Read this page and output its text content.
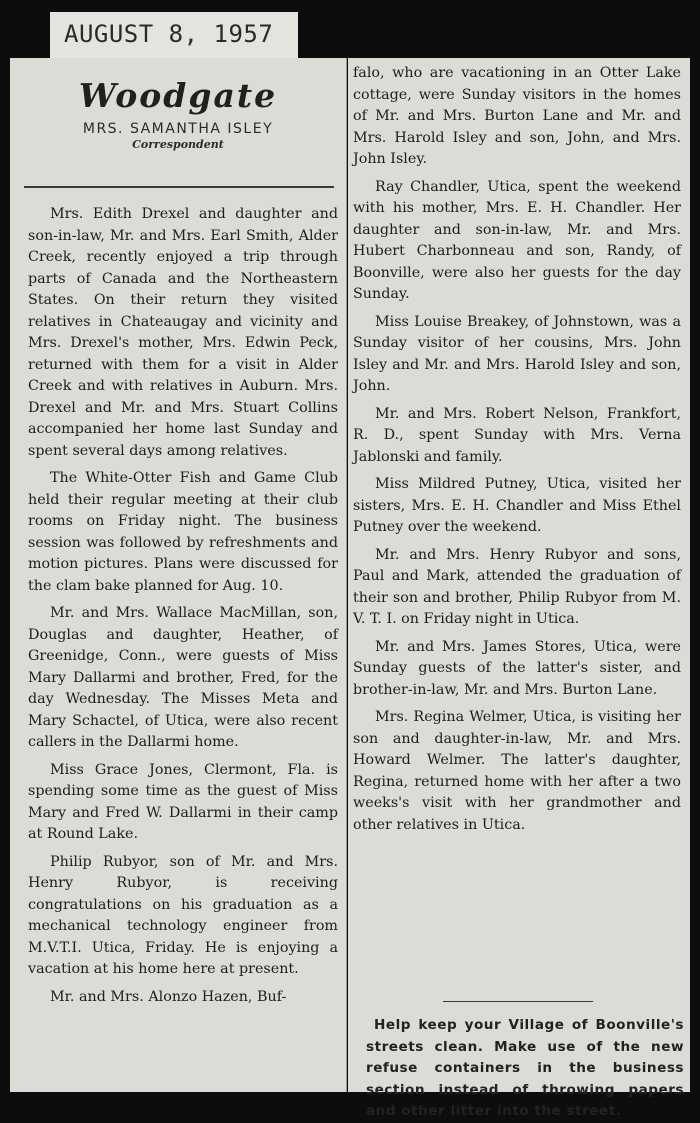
AUGUST 8, 1957
Woodgate
MRS. SAMANTHA ISLEY
Correspondent

Mrs. Edith Drexel and daughter and son-in-law, Mr. and Mrs. Earl Smith, Alder Creek, recently enjoyed a trip through parts of Canada and the Northeastern States. On their return they visited relatives in Chateaugay and vicinity and Mrs. Drexel's mother, Mrs. Edwin Peck, returned with them for a visit in Alder Creek and with relatives in Auburn. Mrs. Drexel and Mr. and Mrs. Stuart Collins accompanied her home last Sunday and spent several days among relatives.

The White-Otter Fish and Game Club held their regular meeting at their club rooms on Friday night. The business session was followed by refreshments and motion pictures. Plans were discussed for the clam bake planned for Aug. 10.

Mr. and Mrs. Wallace MacMillan, son, Douglas and daughter, Heather, of Greenidge, Conn., were guests of Miss Mary Dallarmi and brother, Fred, for the day Wednesday. The Misses Meta and Mary Schactel, of Utica, were also recent callers in the Dallarmi home.

Miss Grace Jones, Clermont, Fla. is spending some time as the guest of Miss Mary and Fred W. Dallarmi in their camp at Round Lake.

Philip Rubyor, son of Mr. and Mrs. Henry Rubyor, is receiving congratulations on his graduation as a mechanical technology engineer from M.V.T.I. Utica, Friday. He is enjoying a vacation at his home here at present.

Mr. and Mrs. Alonzo Hazen, Buf-

falo, who are vacationing in an Otter Lake cottage, were Sunday visitors in the homes of Mr. and Mrs. Burton Lane and Mr. and Mrs. Harold Isley and son, John, and Mrs. John Isley.

Ray Chandler, Utica, spent the weekend with his mother, Mrs. E. H. Chandler. Her daughter and son-in-law, Mr. and Mrs. Hubert Charbonneau and son, Randy, of Boonville, were also her guests for the day Sunday.

Miss Louise Breakey, of Johnstown, was a Sunday visitor of her cousins, Mrs. John Isley and Mr. and Mrs. Harold Isley and son, John.

Mr. and Mrs. Robert Nelson, Frankfort, R. D., spent Sunday with Mrs. Verna Jablonski and family.

Miss Mildred Putney, Utica, visited her sisters, Mrs. E. H. Chandler and Miss Ethel Putney over the weekend.

Mr. and Mrs. Henry Rubyor and sons, Paul and Mark, attended the graduation of their son and brother, Philip Rubyor from M. V. T. I. on Friday night in Utica.

Mr. and Mrs. James Stores, Utica, were Sunday guests of the latter's sister, and brother-in-law, Mr. and Mrs. Burton Lane.

Mrs. Regina Welmer, Utica, is visiting her son and daughter-in-law, Mr. and Mrs. Howard Welmer. The latter's daughter, Regina, returned home with her after a two weeks's visit with her grandmother and other relatives in Utica.

Help keep your Village of Boonville's streets clean. Make use of the new refuse containers in the business section instead of throwing papers and other litter into the street.
